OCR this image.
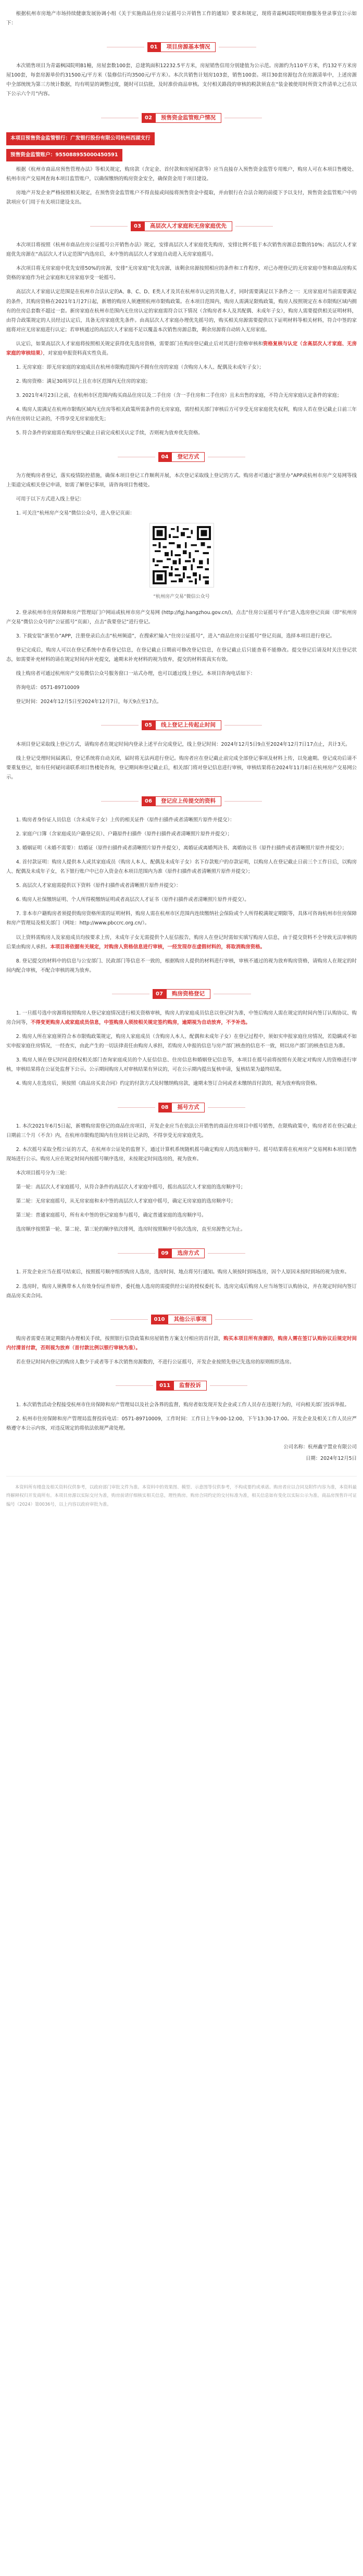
根据杭州市房地产市场持续健康发展协调小组《关于实施商品住房公证摇号公开销售工作的通知》要求和规定，现将青霜枫园院明暄修服务登录事宜公示如下：

01	项目房源基本情况

本次销售项目为青霜枫园院明B1幢，房屋套数100套，总建筑面积12232.5平方米，房屋销售信用分别建值为公示范。房源约为110平方米，约132平方米房屋100套，每套房源单价约31500元/平方米（装修信行均3500元/平方米）。本次共销售计划房103套，销售100套。项目30套房源包含在房源清单中，上述房源中全部统统为第三方统计数据，均有明显的调整过度，随时可以信批，及时准价商品审核。支付相关路段的审核的税款须直在“装金被使用时所资文件清单之已在以下公示六个月”内容。

02	预售资金监管账户情况
本项目预售资金监管银行：广发银行股份有限公司杭州西湖支行
预售资金监管账户：955088955000450591

根据《杭州市商品房预售管理办法》等相关规定，购房款（含定金、首付款和房屋尾款等）应当直接存入预售资金监管专用账户，购房人可在本项目售楼处、杭州市房产交易网查询本项目监管账户，以确保缴纳的购房资金安全，确保资金用于项目建设。

房地产开发企业严格按照相关规定，在预售资金监管账户不得直接或间接将预售资金中提取，并由银行在合法合规的前提下予以支付，预售资金监管账户中的款项应专门用于有关项目建设支出。

03	高层次人才家庭和无房家庭优先

本次项目将按照《杭州市商品住房公证摇号公开销售办法》规定，安排高层次人才家庭优先购房，安排比例不低于本次销售房源总套数的10%；高层次人才家庭优先房源在“高层次人才认定范围”内选房后，未中签的高层次人才家庭自动进入无房家庭摇号。

本次项目将无房家庭中优先安排50%的房源，安排“无房家庭”优先房源，该剩余房源按照相应的条件和工作程序，对已办理登记的无房家庭中签和商品房购买资格的家庭作为社会家庭和无房家庭享受一轮摇号。

高层次人才家庭认定范围是在杭州市合法认定的A、B、C、D、E类人才及其在杭州市认定的其他人才，同时需要满足以下条件之一：无房家庭对当前需要满足的条件，其购房资格在2021年1月27日起，新增的购房人须遵照杭州市限购政策。在本项目范围内，购房人需满足限购政策，购房人按照规定在本市限购区域内拥有的住房总套数不超过一套。新房家庭在杭州市范围内无住房认定的家庭需符合以下情况（含购房者本人及其配偶、未成年子女），购房人需要提供相关证明材料，由符合政策规定的人员经过认定后，具备无房家庭优先条件。由高层次人才家庭办理优先摇号的，购买相关房源需要提供以下证明材料等相关材料，符合中签的家庭将对应无房家庭进行认定；若审核通过的高层次人才家庭不足以覆盖本次销售房源总数，剩余房源将自动转入无房家庭。

认定后，如果高层次人才家庭将按照相关规定获得优先选房资格，需要部门在购房登记截止后对其进行资格审核和资格复核与认定（含高层次人才家庭、无房家庭的审核结果），对家庭申报资料真实性负责。

1. 无房家庭：即无房家庭的家庭成员在杭州市限购范围内不拥有住房的家庭（含购房人本人、配偶及未成年子女）；

2. 购房资格：满足30周岁以上且在市区范围内无住房的家庭；

3. 2021年4月23日之前，在杭州市区范围内购买商品住房以及二手住房（含一手住房和二手住房）且未出售的家庭，不符合无房家庭认定条件的家庭；

4. 购房人需满足在杭州市限购区域内无住房等相关政策所需条件的无房家庭，需经相关部门审核后方可享受无房家庭优先权利，购房人若在登记截止日前三年内有住房转让记录的，不得享受无房家庭优先；

5. 符合条件的家庭需在购房登记截止日前完成相关认定手续，否则视为放弃优先资格。

04	登记方式

为方便购房者登记，落实疫情防控措施，确保本项目登记工作顺利开展，本次登记采取线上登记的方式。购房者可通过“浙里办”APP或杭州市房产交易网等线上渠道完成相关登记申请，如需了解登记事项，请咨询项目售楼处。

可用于以下方式进入线上登记：

1. 可关注“杭州房产交易”微信公众号，进入登记页面：

“杭州房产交易”微信公众号

2. 登录杭州市住房保障和房产管理局门户网站或杭州市房产交易网 (http://fgj.hangzhou.gov.cn/)，点击“住房公证摇号平台”进入选房登记页面（即“杭州房产交易”微信公众号的“公证摇号”页面），点击“我要登记”进行登记。

3. 下载安装“浙里办”APP，注册登录后点击“杭州频道”，在搜索栏输入“住房公证摇号”，进入“商品住房公证摇号”登记页面，选择本项目进行登记。

登记完成后，购房人可以在登记系统中查看登记信息，在登记截止日期前可修改登记信息，在登记截止后只能查看不能修改。提交登记后请及时关注登记状态，如需要补充材料的请在规定时间内补充提交，逾期未补充材料的视为放弃，提交的材料需真实有效。

线上购房者可通过杭州房产交易微信公众号服务窗口一站式办理，也可以通过线上登记。本项目咨询电话如下：

咨询电话：0571-89710009

登记时间：2024年12月5日至2024年12月7日，每天9点至17点。

05	线上登记上传起止时间

本项目登记采取线上登记方式，请购房者在规定时间内登录上述平台完成登记，线上登记时间：2024年12月5日9点至2024年12月7日17点止，共计3天。

线上登记受理时间届满后，登记系统将自动关闭，届时将无法再进行登记。购房者应在登记截止前完成全部登记事项及材料上传，以免逾期。登记成功后请不要重复登记，如有任何疑问请联系项目售楼处咨询，登记期间和登记截止后，相关部门将对登记信息进行审核，审核结果将在2024年11月8日在杭州房产交易网公示。

06	登记应上传提交的资料

1. 购房者身份证人员信息（含未成年子女）上传的相关证件（原件扫描件或者清晰照片原件并提交）：

2. 家庭户口簿（含家庭成员户籍登记页）、户籍原件扫描件（原件扫描件或者清晰照片原件并提交）；

3. 婚姻证明（未婚不需要）：结婚证（原件扫描件或者清晰照片原件并提交），离婚证或离婚判决书、离婚协议书（原件扫描件或者清晰照片原件并提交）；

4. 首付款证明：购房人提供本人或其家庭成员（购房人本人、配偶及未成年子女）名下存款账户的存款证明，以购房人在登记截止日前三个工作日后，以购房人、配偶及未成年子女，名下银行账户中已存入资金在本项目范围内为准（原件扫描件或者清晰照片原件并提交）；

5. 高层次人才家庭需提供以下资料（原件扫描件或者清晰照片原件并提交）：

6. 购房人社保缴纳证明、个人所得税缴纳证明或者高层次人才证书（原件扫描件或者清晰照片原件并提交）。

7. 非本市户籍购房者须提供购房资格所需的证明材料，购房人需在杭州市区范围内连续缴纳社会保险或个人所得税满规定期限等，具体可咨询杭州市住房保障和房产管理局及相关部门（网址：http://www.pbccrc.org.cn/）。

以上资料需购房人及家庭成员均按要求上传，未成年子女无需提供个人征信报告，购房人在登记时需如实填写购房人信息，由于提交资料不全导致无法审核的后果由购房人承担。本项目将依据有关规定，对购房人资格信息进行审核，一经发现存在虚假材料的，将取消购房资格。

8. 登记提交的材料中的信息与公安部门、民政部门等信息不一致的，根据购房人提供的材料进行审核，审核不通过的视为放弃购房资格，请购房人在规定的时间内配合审核，不配合审核的视为放弃。

07	购房资格登记

1. 一旦摇号选中房源将按照购房人登记家庭情况进行相关资格审核，购房人的家庭成员信息以登记时为准，中签后购房人需在规定的时间内签订认购协议、购房合同等，不得变更购房人或家庭成员信息，中签购房人须按相关规定签约购房，逾期视为自动放弃，不予补选。

2. 购房人所在家庭须符合本市限购政策规定，购房人家庭成员（含购房人本人、配偶和未成年子女）在登记过程中，须如实申报家庭住房情况，若隐瞒或不如实申报家庭住房情况，一经查实，由此产生的一切法律责任由购房人承担，若购房人申报的信息与房产部门核查的信息不一致，则以房产部门的核查信息为准。

3. 购房人须在登记时同意授权相关部门查询家庭成员的个人征信信息、住房信息和婚姻登记信息等，本项目在摇号前将按照有关规定对购房人的资格进行审核，审核结果将在公证处监督下公示。公示期间购房人对审核结果有异议的，可在公示期内提出复核申请，复核结果为最终结果。

4. 购房人在选房后，须按照《商品房买卖合同》约定的付款方式及时缴纳购房款，逾期未签订合同或者未缴纳首付款的，视为放弃购房资格。

08	摇号方式

1. 本次2021年6月5日起，新增购房需登记的商品住房项目，开发企业应当在依法公开销售的商品住房项目中摇号销售，在限购政策中，购房者若在登记截止日期前三个月（不含）内，在杭州市限购范围内有住房转让记录的，不得享受无房家庭优先。

2. 本次摇号采取全程公证的方式，在杭州市公证处的监督下，通过计算机系统随机摇号确定购房人的选房顺序号。摇号结果将在杭州房产交易网和本项目销售现场进行公示。购房人应在规定时间内按摇号顺序选房，未按规定时间选房的，视为放弃。

本次项目摇号分为三轮：

第一轮：高层次人才家庭摇号，从符合条件的高层次人才家庭中摇号，摇出高层次人才家庭的选房顺序号；

第二轮：无房家庭摇号，从无房家庭和未中签的高层次人才家庭中摇号，确定无房家庭的选房顺序号；

第三轮：普通家庭摇号，所有未中签的登记家庭参与摇号，确定普通家庭的选房顺序号。

选房顺序按照第一轮、第二轮、第三轮的顺序依次排列，选房时按照顺序号依次选房，直至房源售完为止。

09	选房方式

1. 开发企业应当在摇号结束后，按照摇号顺序组织购房人选房，选房时间、地点将另行通知。购房人须按时到场选房，因个人原因未按时到场的视为放弃。

2. 选房时，购房人须携带本人有效身份证件原件，委托他人选房的需提供经公证的授权委托书。选房完成后购房人应当场签订认购协议，并在规定时间内签订商品房买卖合同。

010	其他公示事项

购房者需要在规定期限内办理相关手续，按照银行信贷政策和房屋销售方案支付相应的首付款，购买本项目所有房源的，购房人需在签订认购协议后规定时间内付清首付款，否则视为放弃（首付款比例以银行审核为准）。

若在登记时间内登记的购房人数少于或者等于本次销售房源数的，不进行公证摇号，开发企业按照先登记先选房的原则组织选房。

011	监督投诉

1. 本次销售活动全程接受杭州市住房保障和房产管理局以及社会各界的监督，购房者如发现开发企业或工作人员存在违规行为的，可向相关部门投诉举报。

2. 杭州市住房保障和房产管理局监督投诉电话：0571-89710009，工作时间：工作日上午9:00-12:00，下午13:30-17:00。开发企业及相关工作人员应严格遵守本公示内容，对违反规定的将依法依规严肃处理。

公司名称：杭州鑫宇置业有限公司
日期：2024年12月5日

本资料所有楼盘及相关资料仅供参考，以政府部门审批文件为准。本资料中的效果图、模型、示意图等仅供参考，不构成要约或承诺。购房者应以合同及附件内容为准，本资料最终解释权归开发商所有。本项目房源以实际交付为准，购房前请仔细核实相关信息，理性购房。购房合同约定的交付标准为准，相关信息如有变化以实际公示为准。商品房预售许可证编号（2024）第0036号，以上内容以政府审批为准。
